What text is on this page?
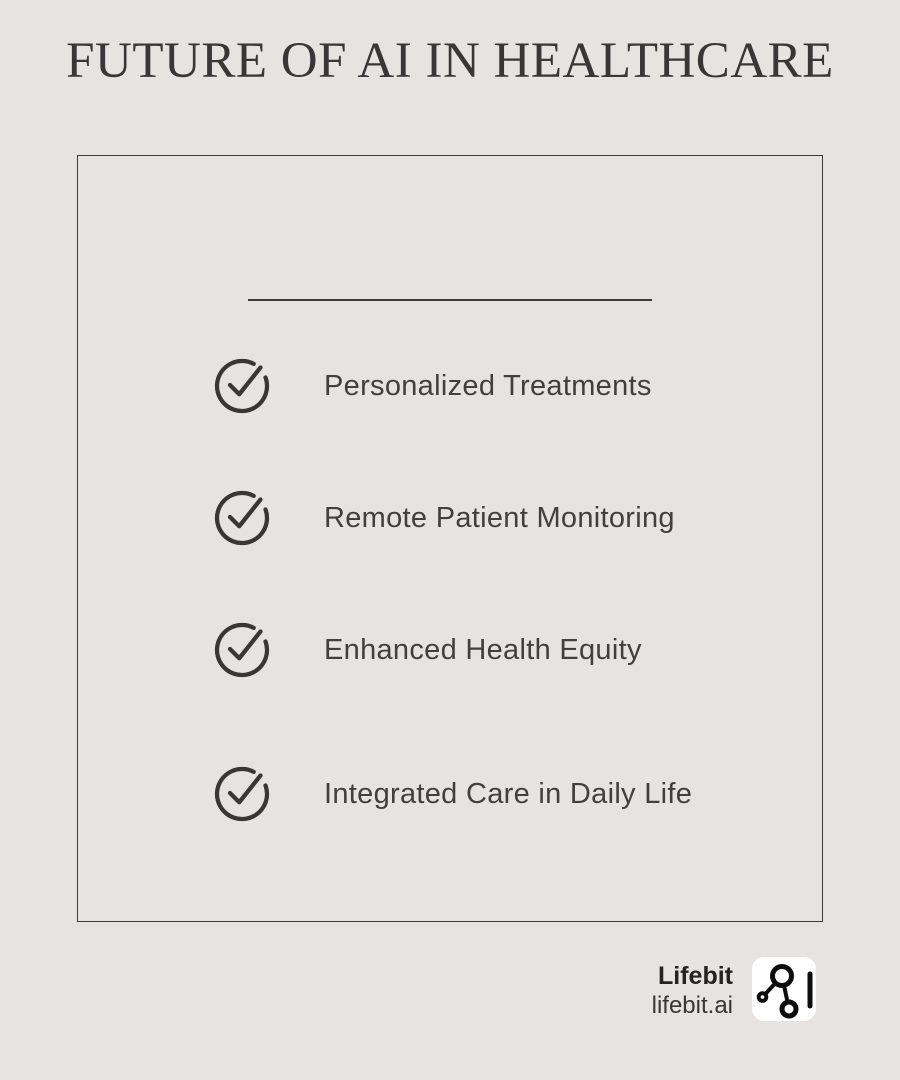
FUTURE OF AI IN HEALTHCARE
Personalized Treatments
Remote Patient Monitoring
Enhanced Health Equity
Integrated Care in Daily Life
Lifebit
lifebit.ai
